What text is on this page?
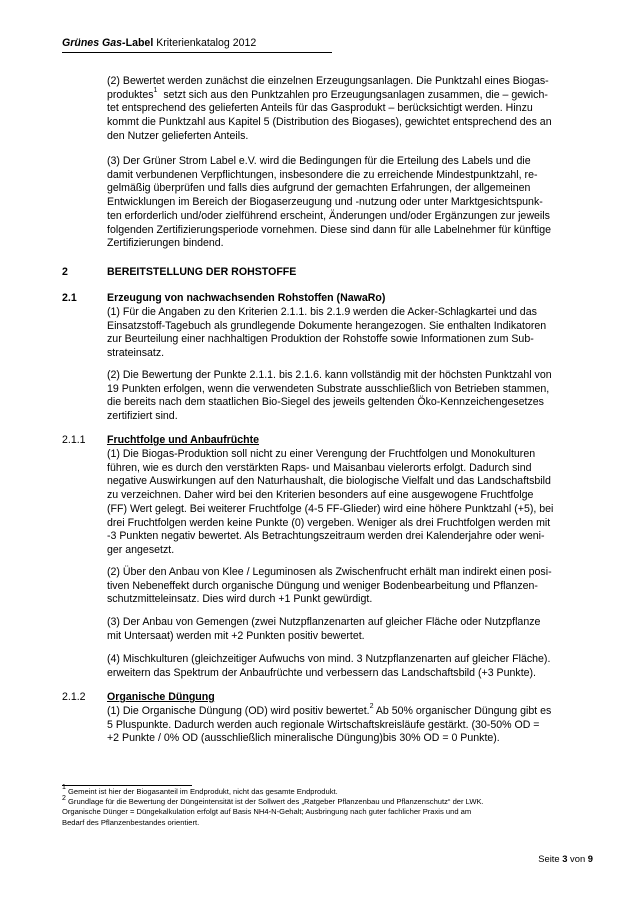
Grünes Gas-Label Kriterienkatalog 2012
(2) Bewertet werden zunächst die einzelnen Erzeugungsanlagen. Die Punktzahl eines Biogas-
produktes$^1$ setzt sich aus den Punktzahlen pro Erzeugungsanlagen zusammen, die – gewich-
tet entsprechend des gelieferten Anteils für das Gasprodukt – berücksichtigt werden. Hinzu
kommt die Punktzahl aus Kapitel 5 (Distribution des Biogases), gewichtet entsprechend des an
den Nutzer gelieferten Anteils.
(3) Der Grüner Strom Label e.V. wird die Bedingungen für die Erteilung des Labels und die
damit verbundenen Verpflichtungen, insbesondere die zu erreichende Mindestpunktzahl, re-
gelmäßig überprüfen und falls dies aufgrund der gemachten Erfahrungen, der allgemeinen
Entwicklungen im Bereich der Biogaserzeugung und -nutzung oder unter Marktgesichtspunk-
ten erforderlich und/oder zielführend erscheint, Änderungen und/oder Ergänzungen zur jeweils
folgenden Zertifizierungsperiode vornehmen. Diese sind dann für alle Labelnehmer für künftige
Zertifizierungen bindend.
2	BEREITSTELLUNG DER ROHSTOFFE
2.1	Erzeugung von nachwachsenden Rohstoffen (NawaRo)
(1) Für die Angaben zu den Kriterien 2.1.1. bis 2.1.9 werden die Acker-Schlagkartei und das
Einsatzstoff-Tagebuch als grundlegende Dokumente herangezogen. Sie enthalten Indikatoren
zur Beurteilung einer nachhaltigen Produktion der Rohstoffe sowie Informationen zum Sub-
strateinsatz.
(2) Die Bewertung der Punkte 2.1.1. bis 2.1.6. kann vollständig mit der höchsten Punktzahl von
19 Punkten erfolgen, wenn die verwendeten Substrate ausschließlich von Betrieben stammen,
die bereits nach dem staatlichen Bio-Siegel des jeweils geltenden Öko-Kennzeichengesetzes
zertifiziert sind.
2.1.1 Fruchtfolge und Anbaufrüchte
(1) Die Biogas-Produktion soll nicht zu einer Verengung der Fruchtfolgen und Monokulturen
führen, wie es durch den verstärkten Raps- und Maisanbau vielerorts erfolgt. Dadurch sind
negative Auswirkungen auf den Naturhaushalt, die biologische Vielfalt und das Landschaftsbild
zu verzeichnen. Daher wird bei den Kriterien besonders auf eine ausgewogene Fruchtfolge
(FF) Wert gelegt. Bei weiterer Fruchtfolge (4-5 FF-Glieder) wird eine höhere Punktzahl (+5), bei
drei Fruchtfolgen werden keine Punkte (0) vergeben. Weniger als drei Fruchtfolgen werden mit
-3 Punkten negativ bewertet. Als Betrachtungszeitraum werden drei Kalenderjahre oder weni-
ger angesetzt.
(2) Über den Anbau von Klee / Leguminosen als Zwischenfrucht erhält man indirekt einen posi-
tiven Nebeneffekt durch organische Düngung und weniger Bodenbearbeitung und Pflanzen-
schutzmitteleinsatz. Dies wird durch +1 Punkt gewürdigt.
(3) Der Anbau von Gemengen (zwei Nutzpflanzenarten auf gleicher Fläche oder Nutzpflanze
mit Untersaat) werden mit +2 Punkten positiv bewertet.
(4) Mischkulturen (gleichzeitiger Aufwuchs von mind. 3 Nutzpflanzenarten auf gleicher Fläche).
erweitern das Spektrum der Anbaufrüchte und verbessern das Landschaftsbild (+3 Punkte).
2.1.2 Organische Düngung
(1) Die Organische Düngung (OD) wird positiv bewertet.$^2$ Ab 50% organischer Düngung gibt es
5 Pluspunkte. Dadurch werden auch regionale Wirtschaftskreisläufe gestärkt. (30-50% OD =
+2 Punkte / 0% OD (ausschließlich mineralische Düngung)bis 30% OD = 0 Punkte).
$^1$ Gemeint ist hier der Biogasanteil im Endprodukt, nicht das gesamte Endprodukt.
$^2$ Grundlage für die Bewertung der Düngeintensität ist der Sollwert des „Ratgeber Pflanzenbau und Pflanzenschutz“ der LWK.
Organische Dünger = Düngekalkulation erfolgt auf Basis NH4-N-Gehalt; Ausbringung nach guter fachlicher Praxis und am
Bedarf des Pflanzenbestandes orientiert.
Seite 3 von 9
